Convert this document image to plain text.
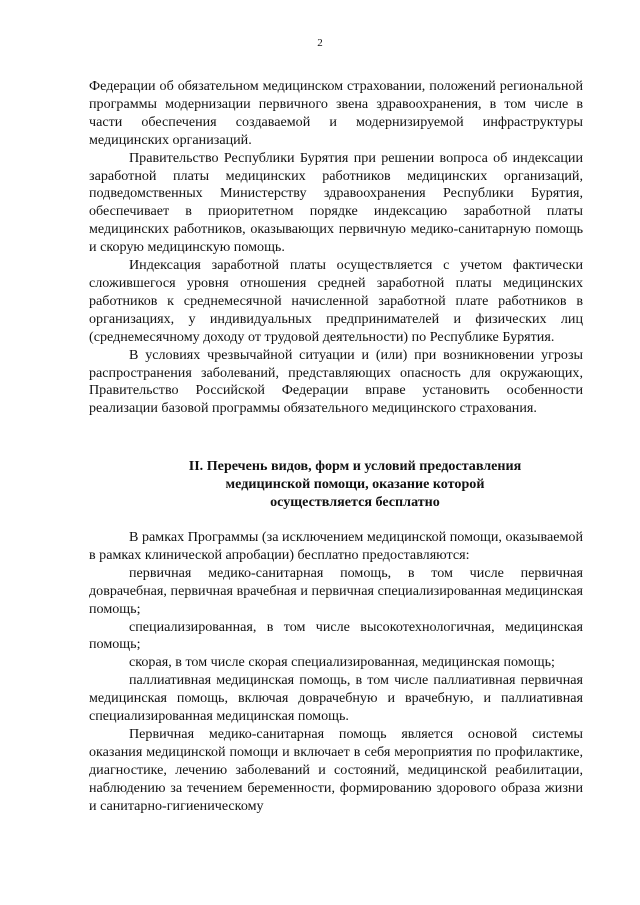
2

Федерации об обязательном медицинском страховании, положений региональной программы модернизации первичного звена здравоохранения, в том числе в части обеспечения создаваемой и модернизируемой инфраструктуры медицинских организаций.

Правительство Республики Бурятия при решении вопроса об индексации заработной платы медицинских работников медицинских организаций, подведомственных Министерству здравоохранения Республики Бурятия, обеспечивает в приоритетном порядке индексацию заработной платы медицинских работников, оказывающих первичную медико-санитарную помощь и скорую медицинскую помощь.

Индексация заработной платы осуществляется с учетом фактически сложившегося уровня отношения средней заработной платы медицинских работников к среднемесячной начисленной заработной плате работников в организациях, у индивидуальных предпринимателей и физических лиц (среднемесячному доходу от трудовой деятельности) по Республике Бурятия.

В условиях чрезвычайной ситуации и (или) при возникновении угрозы распространения заболеваний, представляющих опасность для окружающих, Правительство Российской Федерации вправе установить особенности реализации базовой программы обязательного медицинского страхования.

II. Перечень видов, форм и условий предоставления
медицинской помощи, оказание которой
осуществляется бесплатно

В рамках Программы (за исключением медицинской помощи, оказываемой в рамках клинической апробации) бесплатно предоставляются:

первичная медико-санитарная помощь, в том числе первичная доврачебная, первичная врачебная и первичная специализированная медицинская помощь;

специализированная, в том числе высокотехнологичная, медицинская помощь;

скорая, в том числе скорая специализированная, медицинская помощь;

паллиативная медицинская помощь, в том числе паллиативная первичная медицинская помощь, включая доврачебную и врачебную, и паллиативная специализированная медицинская помощь.

Первичная медико-санитарная помощь является основой системы оказания медицинской помощи и включает в себя мероприятия по профилактике, диагностике, лечению заболеваний и состояний, медицинской реабилитации, наблюдению за течением беременности, формированию здорового образа жизни и санитарно-гигиеническому
